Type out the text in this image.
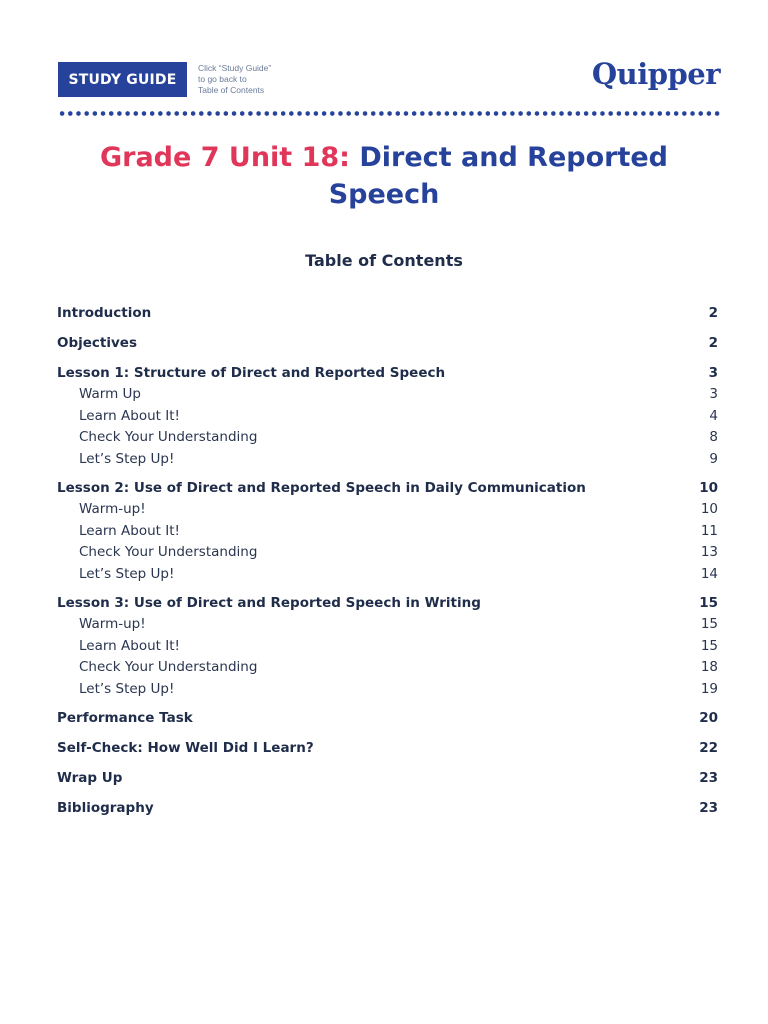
STUDY GUIDE
Click “Study Guide”
to go back to
Table of Contents	Quipper
Grade 7 Unit 18: Direct and Reported
Speech
Table of Contents
Introduction	2
Objectives	2
Lesson 1: Structure of Direct and Reported Speech	3
Warm Up	3
Learn About It!	4
Check Your Understanding	8
Let’s Step Up!	9
Lesson 2: Use of Direct and Reported Speech in Daily Communication	10
Warm-up!	10
Learn About It!	11
Check Your Understanding	13
Let’s Step Up!	14
Lesson 3: Use of Direct and Reported Speech in Writing	15
Warm-up!	15
Learn About It!	15
Check Your Understanding	18
Let’s Step Up!	19
Performance Task	20
Self-Check: How Well Did I Learn?	22
Wrap Up	23
Bibliography	23
